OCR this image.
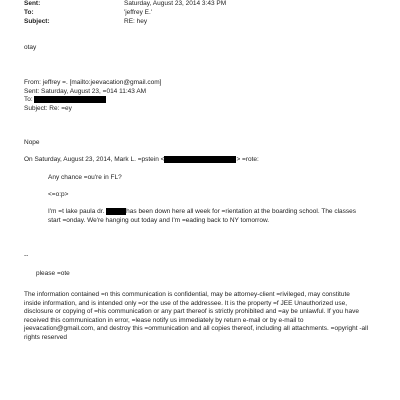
Sent:	Saturday, August 23, 2014 3:43 PM
To:	'jeffrey E.'
Subject:	RE: hey
otay
From: jeffrey =. [mailto:jeevacation@gmail.com]
Sent: Saturday, August 23, =014 11:43 AM
To:
Subject: Re: =ey
Nope
On Saturday, August 23, 2014, Mark L. =pstein <	> =rote:
Any chance =ou're in FL?
<=o:p>
I'm =t lake paula dr.	has been down here all week for =rientation at the boarding school. The classes
start =onday. We're hanging out today and I'm =eading back to NY tomorrow.
--
please =ote
The information contained =n this communication is confidential, may be attorney-client =rivileged, may constitute
inside information, and is intended only =or the use of the addressee. It is the property =f JEE Unauthorized use,
disclosure or copying of =his communication or any part thereof is strictly prohibited and =ay be unlawful. If you have
received this communication in error, =lease notify us immediately by return e-mail or by e-mail to
jeevacation@gmail.com, and destroy this =ommunication and all copies thereof, including all attachments. =opyright -all
rights reserved
